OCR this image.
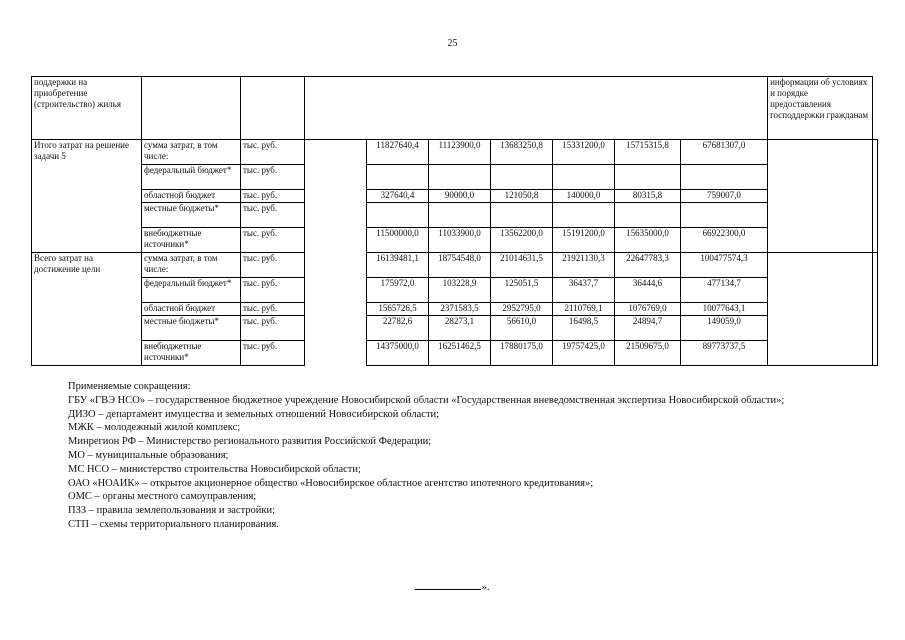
25
поддержки на приобретение (строительство) жилья										информации об условиях и порядке предоставления господдержки гражданам	
Итого затрат на решение задачи 5	сумма затрат, в том числе:	тыс. руб.		11827640,4	11123900,0	13683250,8	15331200,0	15715315,8	67681307,0		
	федеральный бюджет*	тыс. руб.									
	областной бюджет	тыс. руб.		327640,4	90000,0	121050,8	140000,0	80315,8	759007,0		
	местные бюджеты*	тыс. руб.									
	внебюджетные источники*	тыс. руб.		11500000,0	11033900,0	13562200,0	15191200,0	15635000,0	66922300,0		
Всего затрат на достижение цели	сумма затрат, в том числе:	тыс. руб.		16139481,1	18754548,0	21014631,5	21921130,3	22647783,3	100477574,3		
	федеральный бюджет*	тыс. руб.		175972,0	103228,9	125051,5	36437,7	36444,6	477134,7		
	областной бюджет	тыс. руб.		1565726,5	2371583,5	2952795,0	2110769,1	1076769,0	10077643,1		
	местные бюджеты*	тыс. руб.		22782,6	28273,1	56610,0	16498,5	24894,7	149059,0		
	внебюджетные источники*	тыс. руб.		14375000,0	16251462,5	17880175,0	19757425,0	21509675,0	89773737,5		

Применяемые сокращения:

ГБУ «ГВЭ НСО» – государственное бюджетное учреждение Новосибирской области «Государственная вневедомственная экспертиза Новосибирской области»;

ДИЗО – департамент имущества и земельных отношений Новосибирской области;

МЖК – молодежный жилой комплекс;

Минрегион РФ – Министерство регионального развития Российской Федерации;

МО – муниципальные образования;

МС НСО – министерство строительства Новосибирской области;

ОАО «НОАИК» – открытое акционерное общество «Новосибирское областное агентство ипотечного кредитования»;

ОМС – органы местного самоуправления;

ПЗЗ – правила землепользования и застройки;

СТП – схемы территориального планирования.

».
